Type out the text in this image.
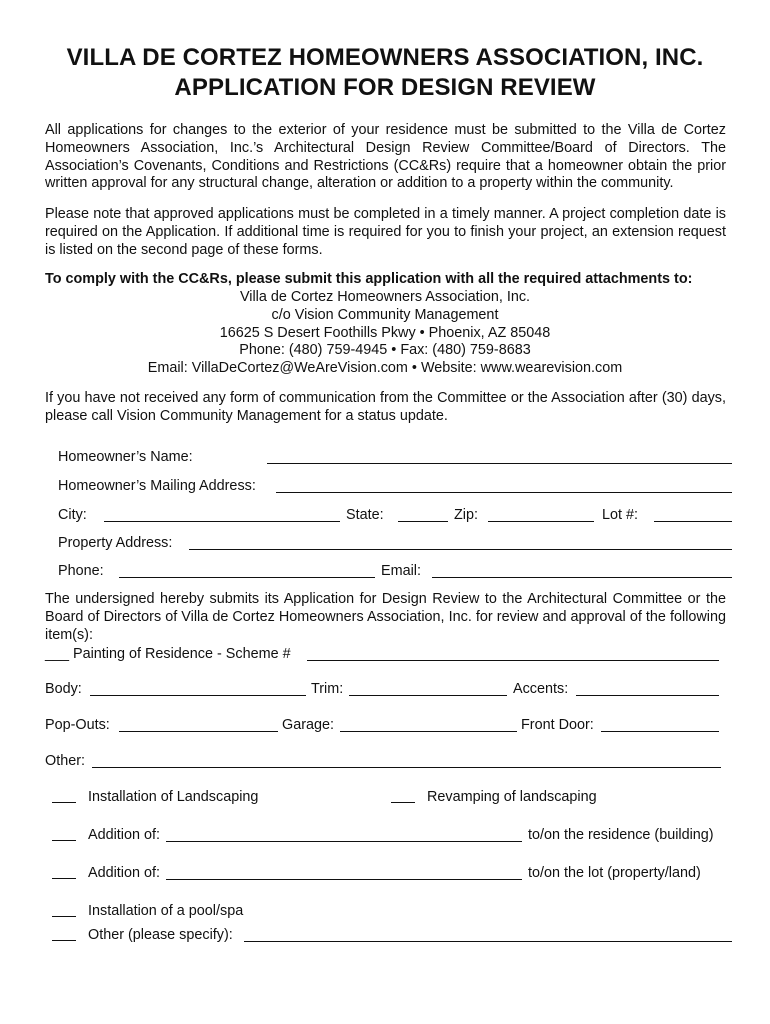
VILLA DE CORTEZ HOMEOWNERS ASSOCIATION, INC.
APPLICATION FOR DESIGN REVIEW
All applications for changes to the exterior of your residence must be submitted to the Villa de Cortez Homeowners Association, Inc.’s Architectural Design Review Committee/Board of Directors. The Association’s Covenants, Conditions and Restrictions (CC&Rs) require that a homeowner obtain the prior written approval for any structural change, alteration or addition to a property within the community.
Please note that approved applications must be completed in a timely manner. A project completion date is required on the Application. If additional time is required for you to finish your project, an extension request is listed on the second page of these forms.
To comply with the CC&Rs, please submit this application with all the required attachments to:
Villa de Cortez Homeowners Association, Inc.
c/o Vision Community Management
16625 S Desert Foothills Pkwy • Phoenix, AZ 85048
Phone: (480) 759-4945 • Fax: (480) 759-8683
Email: VillaDeCortez@WeAreVision.com • Website: www.wearevision.com
If you have not received any form of communication from the Committee or the Association after (30) days, please call Vision Community Management for a status update.
Homeowner’s Name:
Homeowner’s Mailing Address:
City:	State:	Zip:	Lot #:
Property Address:
Phone:	Email:
The undersigned hereby submits its Application for Design Review to the Architectural Committee or the Board of Directors of Villa de Cortez Homeowners Association, Inc. for review and approval of the following item(s):
___ Painting of Residence - Scheme #
Body:	Trim:	Accents:
Pop-Outs:	Garage:	Front Door:
Other:
Installation of Landscaping	Revamping of landscaping
Addition of:	to/on the residence (building)
Addition of:	to/on the lot (property/land)
Installation of a pool/spa
Other (please specify):
